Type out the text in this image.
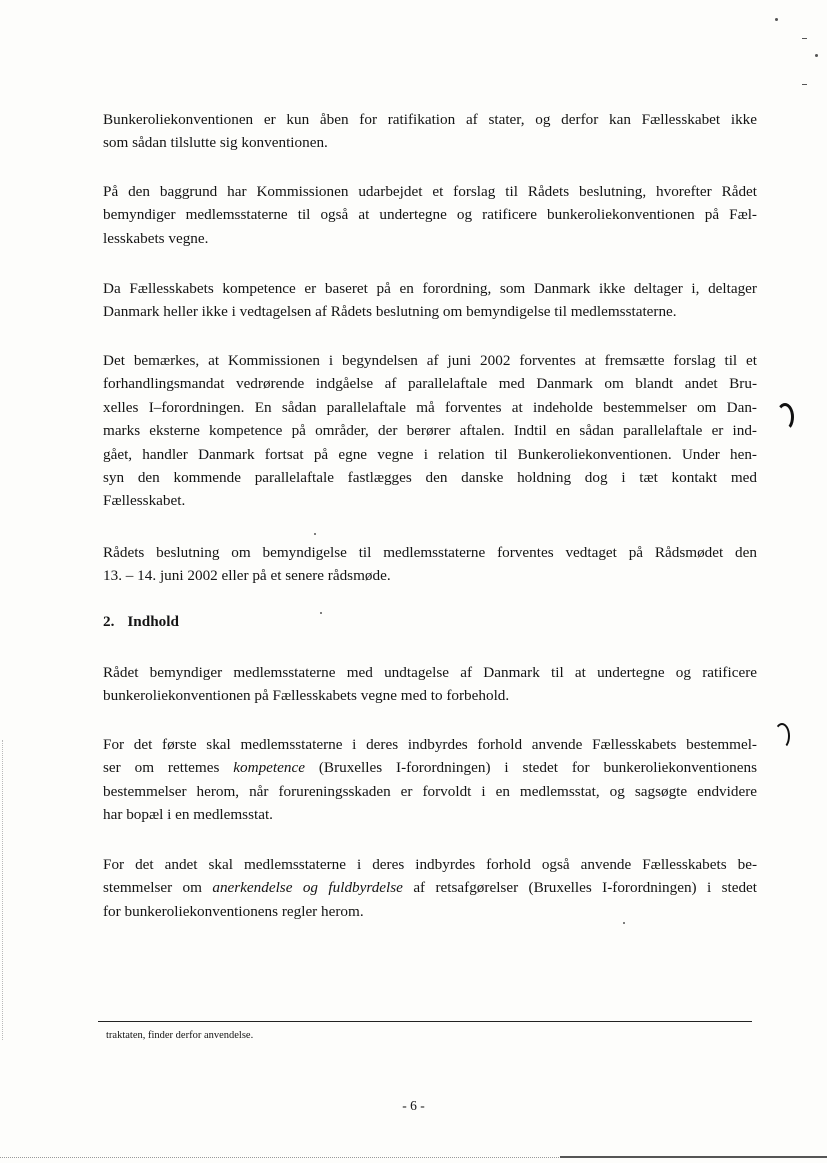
Bunkeroliekonventionen er kun åben for ratifikation af stater, og derfor kan Fællesskabet ikke
som sådan tilslutte sig konventionen.
På den baggrund har Kommissionen udarbejdet et forslag til Rådets beslutning, hvorefter Rådet
bemyndiger medlemsstaterne til også at undertegne og ratificere bunkeroliekonventionen på Fæl-
lesskabets vegne.
Da Fællesskabets kompetence er baseret på en forordning, som Danmark ikke deltager i, deltager
Danmark heller ikke i vedtagelsen af Rådets beslutning om bemyndigelse til medlemsstaterne.
Det bemærkes, at Kommissionen i begyndelsen af juni 2002 forventes at fremsætte forslag til et
forhandlingsmandat vedrørende indgåelse af parallelaftale med Danmark om blandt andet Bru-
xelles I–forordningen. En sådan parallelaftale må forventes at indeholde bestemmelser om Dan-
marks eksterne kompetence på områder, der berører aftalen. Indtil en sådan parallelaftale er ind-
gået, handler Danmark fortsat på egne vegne i relation til Bunkeroliekonventionen. Under hen-
syn den kommende parallelaftale fastlægges den danske holdning dog i tæt kontakt med
Fællesskabet.
Rådets beslutning om bemyndigelse til medlemsstaterne forventes vedtaget på Rådsmødet den
13. – 14. juni 2002 eller på et senere rådsmøde.
2. Indhold
Rådet bemyndiger medlemsstaterne med undtagelse af Danmark til at undertegne og ratificere
bunkeroliekonventionen på Fællesskabets vegne med to forbehold.
For det første skal medlemsstaterne i deres indbyrdes forhold anvende Fællesskabets bestemmel-
ser om rettemes kompetence (Bruxelles I-forordningen) i stedet for bunkeroliekonventionens
bestemmelser herom, når forureningsskaden er forvoldt i en medlemsstat, og sagsøgte endvidere
har bopæl i en medlemsstat.
For det andet skal medlemsstaterne i deres indbyrdes forhold også anvende Fællesskabets be-
stemmelser om anerkendelse og fuldbyrdelse af retsafgørelser (Bruxelles I-forordningen) i stedet
for bunkeroliekonventionens regler herom.
traktaten, finder derfor anvendelse.
- 6 -
